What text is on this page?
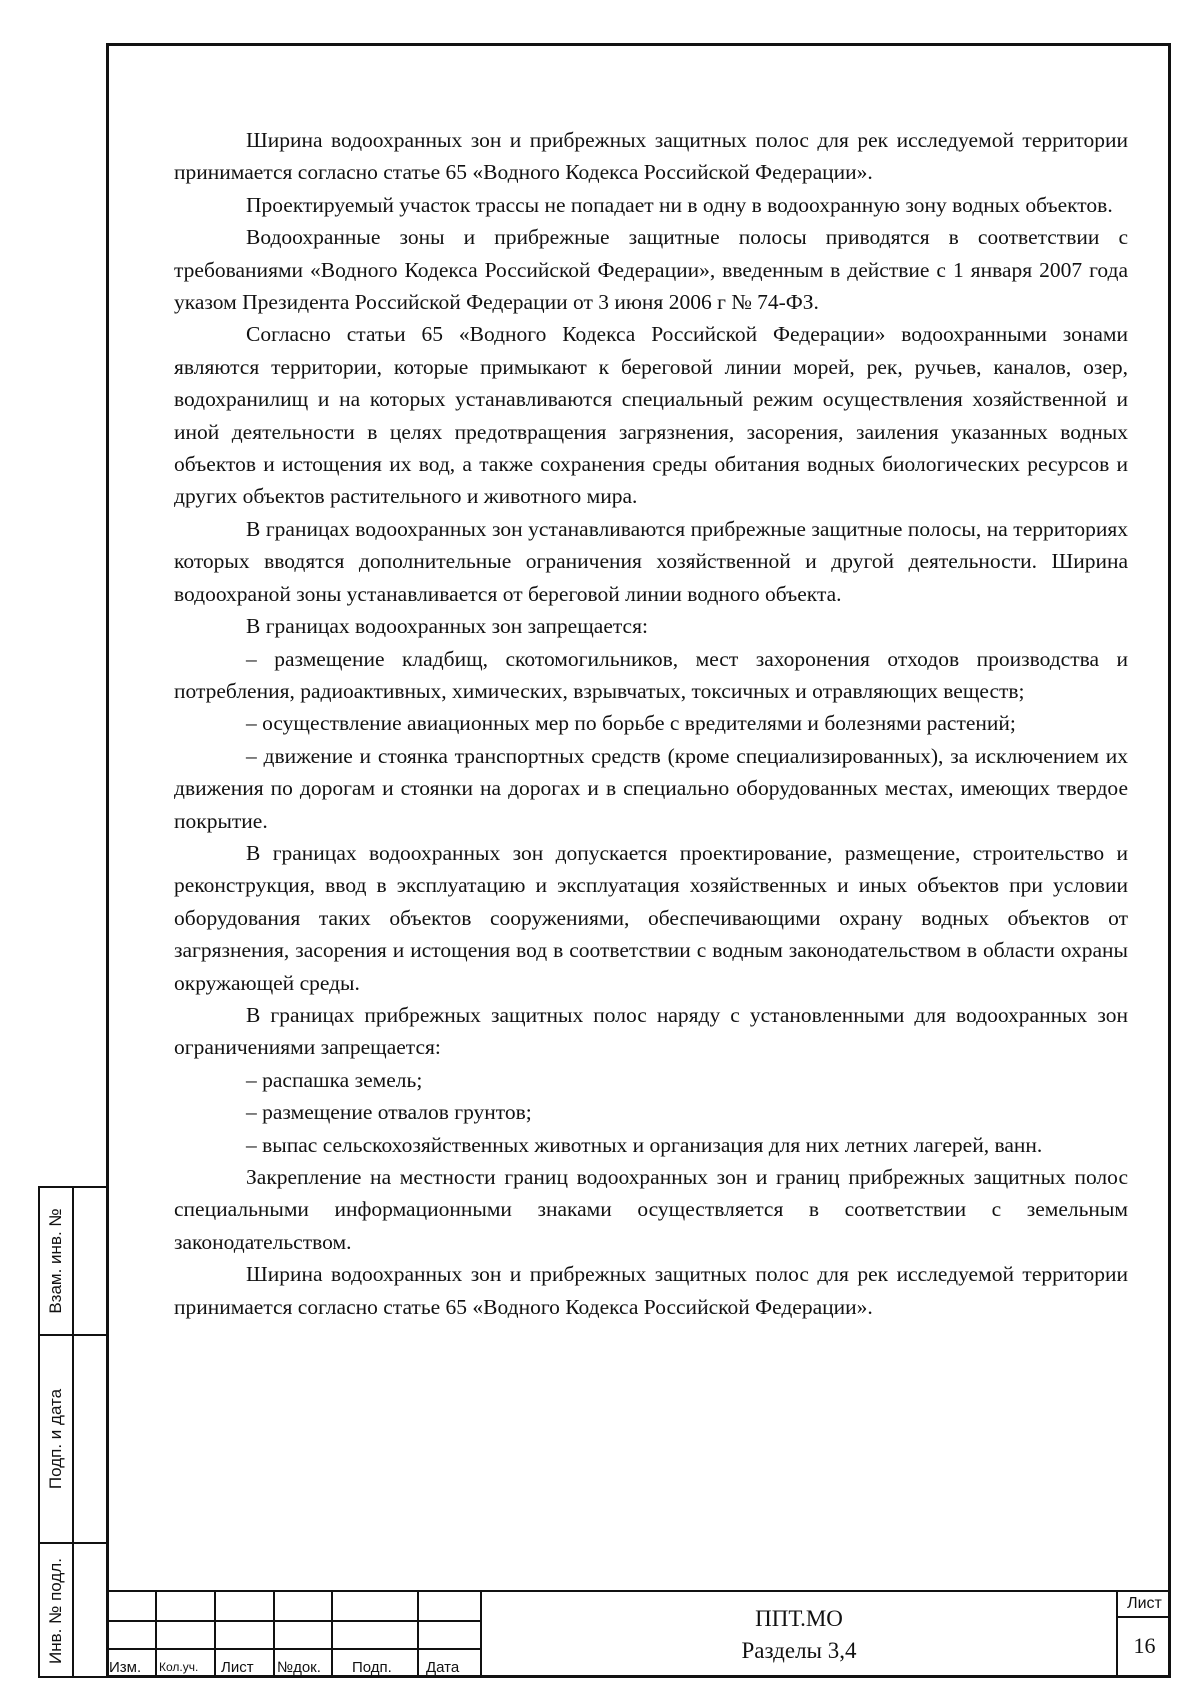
Ширина водоохранных зон и прибрежных защитных полос для рек исследуемой территории принимается согласно статье 65 «Водного Кодекса Российской Федерации».

Проектируемый участок трассы не попадает ни в одну в водоохранную зону водных объектов.

Водоохранные зоны и прибрежные защитные полосы приводятся в соответствии с требованиями «Водного Кодекса Российской Федерации», введенным в действие с 1 января 2007 года указом Президента Российской Федерации от 3 июня 2006 г № 74-ФЗ.

Согласно статьи 65 «Водного Кодекса Российской Федерации» водоохранными зонами являются территории, которые примыкают к береговой линии морей, рек, ручьев, каналов, озер, водохранилищ и на которых устанавливаются специальный режим осуществления хозяйственной и иной деятельности в целях предотвращения загрязнения, засорения, заиления указанных водных объектов и истощения их вод, а также сохранения среды обитания водных биологических ресурсов и других объектов растительного и животного мира.

В границах водоохранных зон устанавливаются прибрежные защитные полосы, на территориях которых вводятся дополнительные ограничения хозяйственной и другой деятельности. Ширина водоохраной зоны устанавливается от береговой линии водного объекта.

В границах водоохранных зон запрещается:

– размещение кладбищ, скотомогильников, мест захоронения отходов производства и потребления, радиоактивных, химических, взрывчатых, токсичных и отравляющих веществ;

– осуществление авиационных мер по борьбе с вредителями и болезнями растений;

– движение и стоянка транспортных средств (кроме специализированных), за исключением их движения по дорогам и стоянки на дорогах и в специально оборудованных местах, имеющих твердое покрытие.

В границах водоохранных зон допускается проектирование, размещение, строительство и реконструкция, ввод в эксплуатацию и эксплуатация хозяйственных и иных объектов при условии оборудования таких объектов сооружениями, обеспечивающими охрану водных объектов от загрязнения, засорения и истощения вод в соответствии с водным законодательством в области охраны окружающей среды.

В границах прибрежных защитных полос наряду с установленными для водоохранных зон ограничениями запрещается:

– распашка земель;

– размещение отвалов грунтов;

– выпас сельскохозяйственных животных и организация для них летних лагерей, ванн.

Закрепление на местности границ водоохранных зон и границ прибрежных защитных полос специальными информационными знаками осуществляется в соответствии с земельным законодательством.

Ширина водоохранных зон и прибрежных защитных полос для рек исследуемой территории принимается согласно статье 65 «Водного Кодекса Российской Федерации».

Взам. инв. №
Подп. и дата
Инв. № подл.
Изм. Кол.уч. Лист №док. Подп. Дата
ППТ.МО
Разделы 3,4
Лист
16
